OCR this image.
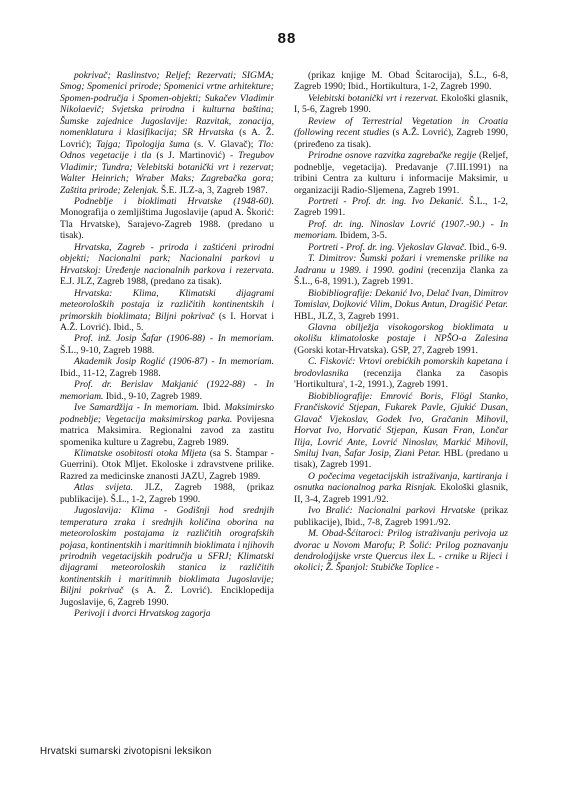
88

pokrivač; Raslinstvo; Reljef; Rezervati; SIGMA; Smog; Spomenici prirode; Spomenici vrtne arhitekture; Spomen-područja i Spomen-objekti; Sukačev Vladimir Nikolaevič; Svjetska prirodna i kulturna baština; Šumske zajednice Jugoslavije: Razvitak, zonacija, nomenklatura i klasifikacija; SR Hrvatska (s A. Ž. Lovrić); Tajga; Tipologija šuma (s. V. Glavač); Tlo: Odnos vegetacije i tla (s J. Martinović) - Tregubov Vladimir; Tundra; Velebitski botanički vrt i rezervat; Walter Heinrich; Wraber Maks; Zagrebačka gora; Zaštita prirode; Zelenjak. Š.E. JLZ-a, 3, Zagreb 1987.

Podneblje i bioklimati Hrvatske (1948-60). Monografija o zemljištima Jugoslavije (apud A. Škorić: Tla Hrvatske), Sarajevo-Zagreb 1988. (predano u tisak).

Hrvatska, Zagreb - priroda i zaštićeni prirodni objekti; Nacionalni park; Nacionalni parkovi u Hrvatskoj: Uređenje nacionalnih parkova i rezervata. E.J. JLZ, Zagreb 1988, (predano za tisak).

Hrvatska: Klima, Klimatski dijagrami meteoroloških postaja iz različitih kontinentskih i primorskih bioklimata; Biljni pokrivač (s I. Horvat i A.Ž. Lovrić). Ibid., 5.

Prof. inž. Josip Šafar (1906-88) - In memoriam. Š.L., 9-10, Zagreb 1988.

Akademik Josip Roglić (1906-87) - In memoriam. Ibid., 11-12, Zagreb 1988.

Prof. dr. Berislav Makjanić (1922-88) - In memoriam. Ibid., 9-10, Zagreb 1989.

Ive Samardžija - In memoriam. Ibid. Maksimirsko podneblje; Vegetacija maksimirskog parka. Povijesna matrica Maksimira. Regionalni zavod za zastitu spomenika kulture u Zagrebu, Zagreb 1989.

Klimatske osobitosti otoka Mljeta (sa S. Štampar - Guerrini). Otok Mljet. Ekoloske i zdravstvene prilike. Razred za medicinske znanosti JAZU, Zagreb 1989.

Atlas svijeta. JLZ, Zagreb 1988, (prikaz publikacije). Š.L., 1-2, Zagreb 1990.

Jugoslavija: Klima - Godišnji hod srednjih temperatura zraka i srednjih količina oborina na meteoroloskim postajama iz različitih orografskih pojasa, kontinentskih i maritimnih bioklimata i njihovih prirodnih vegetacijskih područja u SFRJ; Klimatski dijagrami meteoroloskih stanica iz različitih kontinentskih i maritimnih bioklimata Jugoslavije; Biljni pokrivač (s A. Ž. Lovrić). Enciklopedija Jugoslavije, 6, Zagreb 1990.

Perivoji i dvorci Hrvatskog zagorja

(prikaz knjige M. Obad Šcitarocija), Š.L., 6-8, Zagreb 1990; Ibid., Hortikultura, 1-2, Zagreb 1990.

Velebitski botanički vrt i rezervat. Ekološki glasnik, I, 5-6, Zagreb 1990.

Review of Terrestrial Vegetation in Croatia (following recent studies (s A.Ž. Lovrić), Zagreb 1990, (priređeno za tisak).

Prirodne osnove razvitka zagrebačke regije (Reljef, podneblje, vegetacija). Predavanje (7.III.1991) na tribini Centra za kulturu i informacije Maksimir, u organizaciji Radio-Sljemena, Zagreb 1991.

Portreti - Prof. dr. ing. Ivo Dekanić. Š.L., 1-2, Zagreb 1991.

Prof. dr. ing. Ninoslav Lovrić (1907.-90.) - In memoriam. Ibidem, 3-5.

Portreti - Prof. dr. ing. Vjekoslav Glavač. Ibid., 6-9.

T. Dimitrov: Šumski požari i vremenske prilike na Jadranu u 1989. i 1990. godini (recenzija članka za Š.L., 6-8, 1991.), Zagreb 1991.

Biobibliografije: Dekanić Ivo, Delač Ivan, Dimitrov Tomislav, Dojković Vilim, Dokus Antun, Dragišić Petar. HBL, JLZ, 3, Zagreb 1991.

Glavna obilježja visokogorskog bioklimata u okolišu klimatoloske postaje i NPŠO-a Zalesina (Gorski kotar-Hrvatska). GSP, 27, Zagreb 1991.

C. Fisković: Vrtovi orebićkih pomorskih kapetana i brodovlasnika (recenzija članka za časopis 'Hortikultura', 1-2, 1991.), Zagreb 1991.

Biobibliografije: Emrović Boris, Flögl Stanko, Frančisković Stjepan, Fukarek Pavle, Gjukić Dusan, Glavač Vjekoslav, Godek Ivo, Gračanin Mihovil, Horvat Ivo, Horvatić Stjepan, Kusan Fran, Lončar Ilija, Lovrić Ante, Lovrić Ninoslav, Markić Mihovil, Smiluj Ivan, Šafar Josip, Ziani Petar. HBL (predano u tisak), Zagreb 1991.

O počecima vegetacijskih istraživanja, kartiranja i osnutka nacionalnog parka Risnjak. Ekološki glasnik, II, 3-4, Zagreb 1991./92.

Ivo Bralić: Nacionalni parkovi Hrvatske (prikaz publikacije), Ibid., 7-8, Zagreb 1991./92.

M. Obad-Šćitaroci: Prilog istraživanju perivoja uz dvorac u Novom Marofu; P. Šolić: Prilog poznavanju dendroloģijske vrste Quercus ilex L. - crnike u Rijeci i okolici; Ž. Španjol: Stubičke Toplice -

Hrvatski sumarski zivotopisni leksikon
